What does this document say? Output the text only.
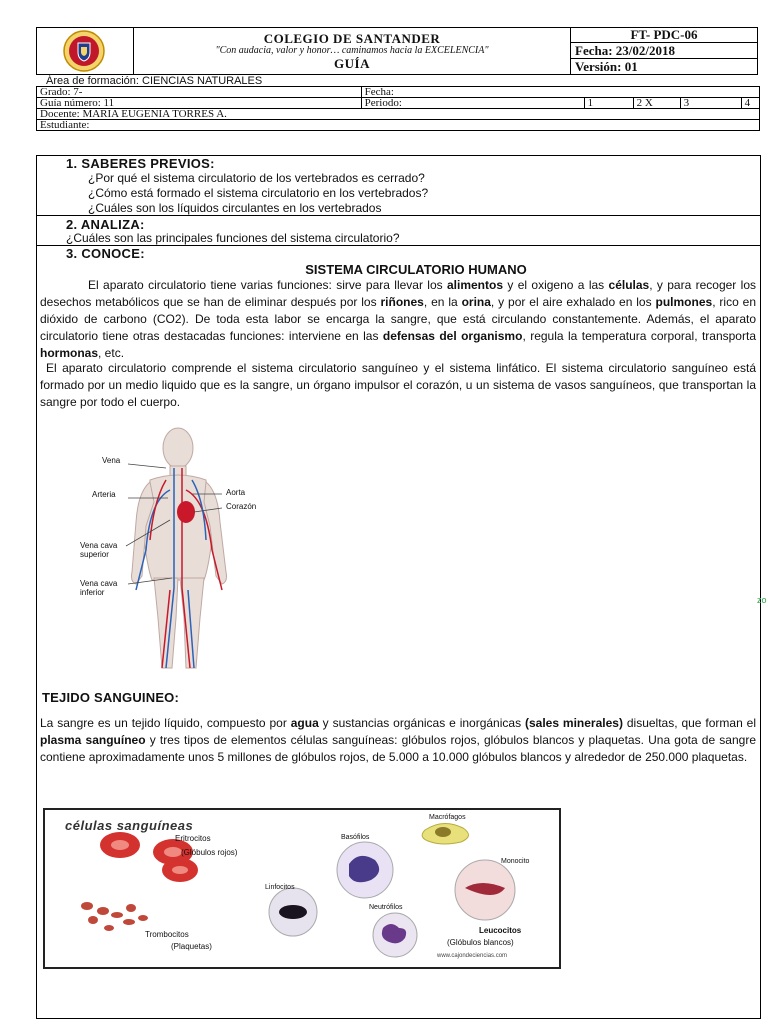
COLEGIO DE SANTANDER
"Con audacia, valor y honor… caminamos hacia la EXCELENCIA"
GUÍA

FT- PDC-06
Fecha: 23/02/2018
Versión: 01
Área de formación: CIENCIAS NATURALES
Grado: 7-	Fecha:				
Guía número: 11	Periodo:	1	2 X	3	4
Docente: MARIA EUGENIA TORRES A.					
Estudiante:					
1. SABERES PREVIOS:
¿Por qué el sistema circulatorio de los vertebrados es cerrado?
¿Cómo está formado el sistema circulatorio en los vertebrados?
¿Cuáles son los líquidos circulantes en los vertebrados
2. ANALIZA:
¿Cuáles son las principales funciones del sistema circulatorio?
3. CONOCE:
SISTEMA CIRCULATORIO HUMANO

El aparato circulatorio tiene varias funciones: sirve para llevar los alimentos y el oxigeno a las células, y para recoger los desechos metabólicos que se han de eliminar después por los riñones, en la orina, y por el aire exhalado en los pulmones, rico en dióxido de carbono (CO2). De toda esta labor se encarga la sangre, que está circulando constantemente. Además, el aparato circulatorio tiene otras destacadas funciones: interviene en las defensas del organismo, regula la temperatura corporal, transporta hormonas, etc.

El aparato circulatorio comprende el sistema circulatorio sanguíneo y el sistema linfático. El sistema circulatorio sanguíneo está formado por un medio liquido que es la sangre, un órgano impulsor el corazón, u un sistema de vasos sanguíneos, que transportan la sangre por todo el cuerpo.

Vena
Arteria	Aorta
Corazón
Vena cava superior
Vena cava inferior
zo
TEJIDO SANGUINEO:

La sangre es un tejido líquido, compuesto por agua y sustancias orgánicas e inorgánicas (sales minerales) disueltas, que forman el plasma sanguíneo y tres tipos de elementos células sanguíneas: glóbulos rojos, glóbulos blancos y plaquetas. Una gota de sangre contiene aproximadamente unos 5 millones de glóbulos rojos, de 5.000 a 10.000 glóbulos blancos y alrededor de 250.000 plaquetas.

células sanguíneas
Eritrocitos
(Glóbulos rojos)
Trombocitos
(Plaquetas)
Basófilos
Macrófagos
Monocito
Linfocitos
Neutrófilos
Leucocitos
(Glóbulos blancos)
www.cajondeciencias.com
